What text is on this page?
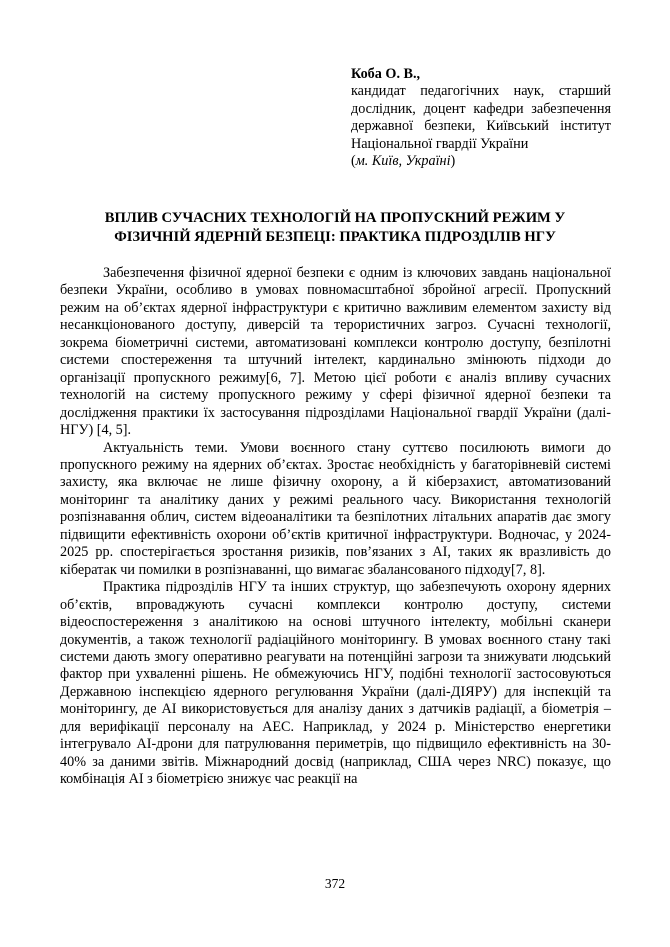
Коба О. В.,

кандидат педагогічних наук, старший дослідник, доцент кафедри забезпечення державної безпеки, Київський інститут Національної гвардії України

(м. Київ, Україні)

ВПЛИВ СУЧАСНИХ ТЕХНОЛОГІЙ НА ПРОПУСКНИЙ РЕЖИМ У
ФІЗИЧНІЙ ЯДЕРНІЙ БЕЗПЕЦІ: ПРАКТИКА ПІДРОЗДІЛІВ НГУ

Забезпечення фізичної ядерної безпеки є одним із ключових завдань національної безпеки України, особливо в умовах повномасштабної збройної агресії. Пропускний режим на об’єктах ядерної інфраструктури є критично важливим елементом захисту від несанкціонованого доступу, диверсій та терористичних загроз. Сучасні технології, зокрема біометричні системи, автоматизовані комплекси контролю доступу, безпілотні системи спостереження та штучний інтелект, кардинально змінюють підходи до організації пропускного режиму[6, 7]. Метою цієї роботи є аналіз впливу сучасних технологій на систему пропускного режиму у сфері фізичної ядерної безпеки та дослідження практики їх застосування підрозділами Національної гвардії України (далі-НГУ) [4, 5].

Актуальність теми. Умови воєнного стану суттєво посилюють вимоги до пропускного режиму на ядерних об’єктах. Зростає необхідність у багаторівневій системі захисту, яка включає не лише фізичну охорону, а й кіберзахист, автоматизований моніторинг та аналітику даних у режимі реального часу. Використання технологій розпізнавання облич, систем відеоаналітики та безпілотних літальних апаратів дає змогу підвищити ефективність охорони об’єктів критичної інфраструктури. Водночас, у 2024-2025 рр. спостерігається зростання ризиків, пов’язаних з AI, таких як вразливість до кібератак чи помилки в розпізнаванні, що вимагає збалансованого підходу[7, 8].

Практика підрозділів НГУ та інших структур, що забезпечують охорону ядерних об’єктів, впроваджують сучасні комплекси контролю доступу, системи відеоспостереження з аналітикою на основі штучного інтелекту, мобільні сканери документів, а також технології радіаційного моніторингу. В умовах воєнного стану такі системи дають змогу оперативно реагувати на потенційні загрози та знижувати людський фактор при ухваленні рішень. Не обмежуючись НГУ, подібні технології застосовуються Державною інспекцією ядерного регулювання України (далі-ДІЯРУ) для інспекцій та моніторингу, де AI використовується для аналізу даних з датчиків радіації, а біометрія – для верифікації персоналу на АЕС. Наприклад, у 2024 р. Міністерство енергетики інтегрувало AI-дрони для патрулювання периметрів, що підвищило ефективність на 30-40% за даними звітів. Міжнародний досвід (наприклад, США через NRC) показує, що комбінація AI з біометрією знижує час реакції на

372
